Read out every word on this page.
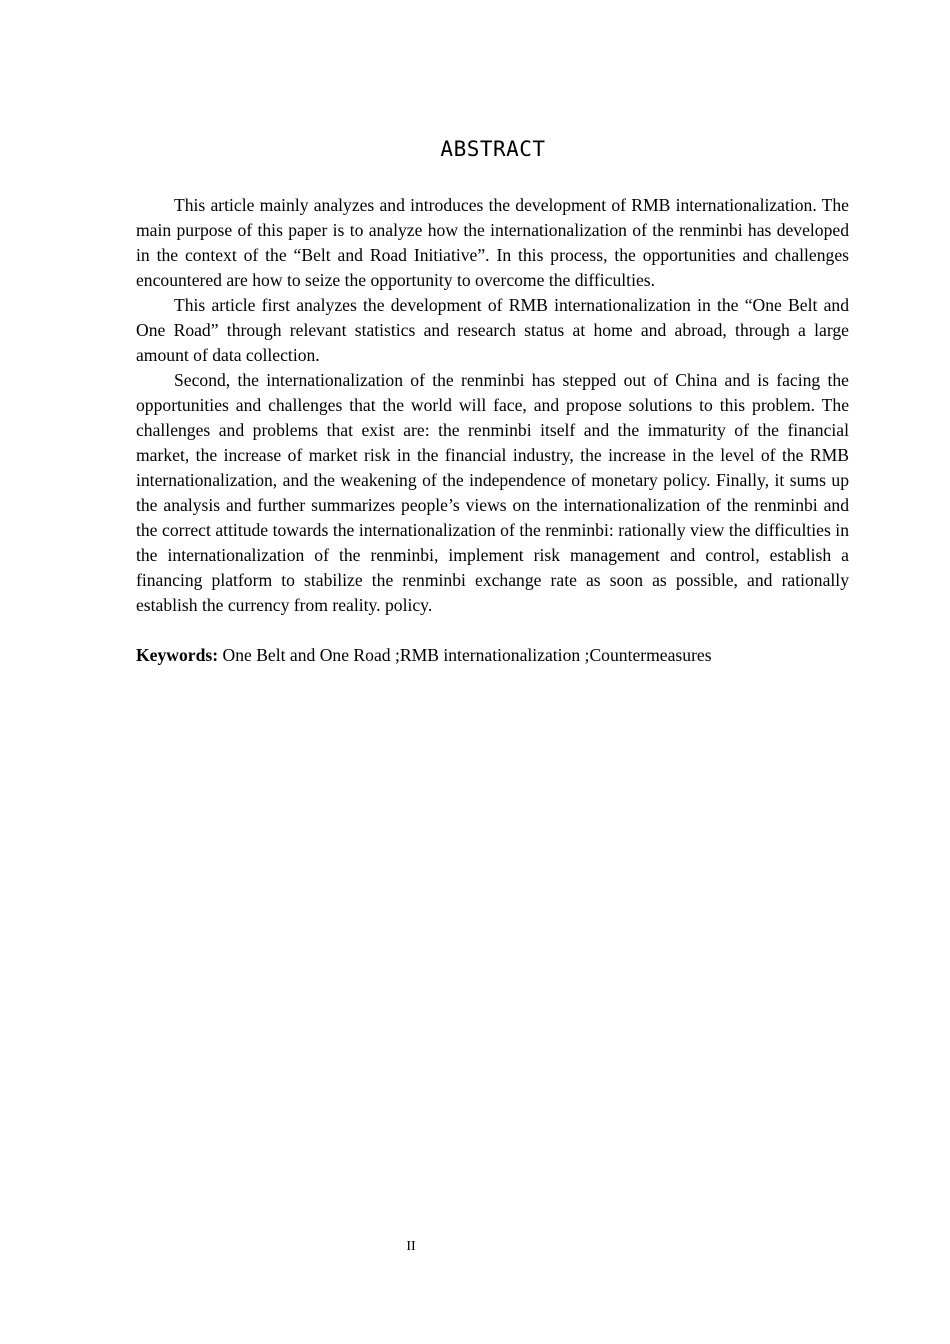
ABSTRACT

This article mainly analyzes and introduces the development of RMB internationalization. The main purpose of this paper is to analyze how the internationalization of the renminbi has developed in the context of the “Belt and Road Initiative”. In this process, the opportunities and challenges encountered are how to seize the opportunity to overcome the difficulties.

This article first analyzes the development of RMB internationalization in the “One Belt and One Road” through relevant statistics and research status at home and abroad, through a large amount of data collection.

Second, the internationalization of the renminbi has stepped out of China and is facing the opportunities and challenges that the world will face, and propose solutions to this problem. The challenges and problems that exist are: the renminbi itself and the immaturity of the financial market, the increase of market risk in the financial industry, the increase in the level of the RMB internationalization, and the weakening of the independence of monetary policy. Finally, it sums up the analysis and further summarizes people’s views on the internationalization of the renminbi and the correct attitude towards the internationalization of the renminbi: rationally view the difficulties in the internationalization of the renminbi, implement risk management and control, establish a financing platform to stabilize the renminbi exchange rate as soon as possible, and rationally establish the currency from reality. policy.

Keywords: One Belt and One Road ;RMB internationalization ;Countermeasures

II
